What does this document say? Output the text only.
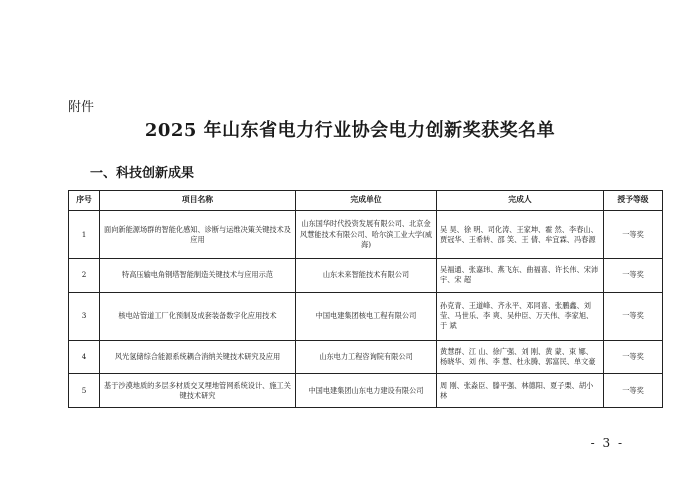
附件
2025 年山东省电力行业协会电力创新奖获奖名单
一、科技创新成果
序号	项目名称	完成单位	完成人	授予等级
1	面向新能源场群的智能化感知、诊断与运维决策关键技术及应用	山东国华时代投资发展有限公司、北京金风慧能技术有限公司、哈尔滨工业大学(威海)	吴 昊、徐 明、司化涛、王家坤、霍 然、李春山、贾冠华、王希转、邵 笑、王 倩、牟宜霖、冯春源	一等奖
2	特高压输电角钢塔智能制造关键技术与应用示范	山东未来智能技术有限公司	吴福通、张嘉玮、燕飞东、曲福喜、许长伟、宋沛宇、宋 超	一等奖
3	核电站管道工厂化预制及成套装备数字化应用技术	中国电建集团核电工程有限公司	孙克青、王道峰、齐永平、邓同喜、张鹏鑫、刘 莹、马世乐、李 爽、吴仲臣、万天伟、李家旭、于 斌	一等奖
4	风光氢储综合能源系统耦合消纳关键技术研究及应用	山东电力工程咨询院有限公司	黄慧群、江 山、徐广强、刘 刚、黄 蒙、束 娜、杨晓华、刘 伟、李 慧、杜永腾、郭富民、单文豪	一等奖
5	基于沙漠地质的多层多材质交叉埋地管网系统设计、施工关键技术研究	中国电建集团山东电力建设有限公司	周 刚、张淼臣、滕平强、林德阳、夏子栗、胡小林	一等奖
- 3 -
